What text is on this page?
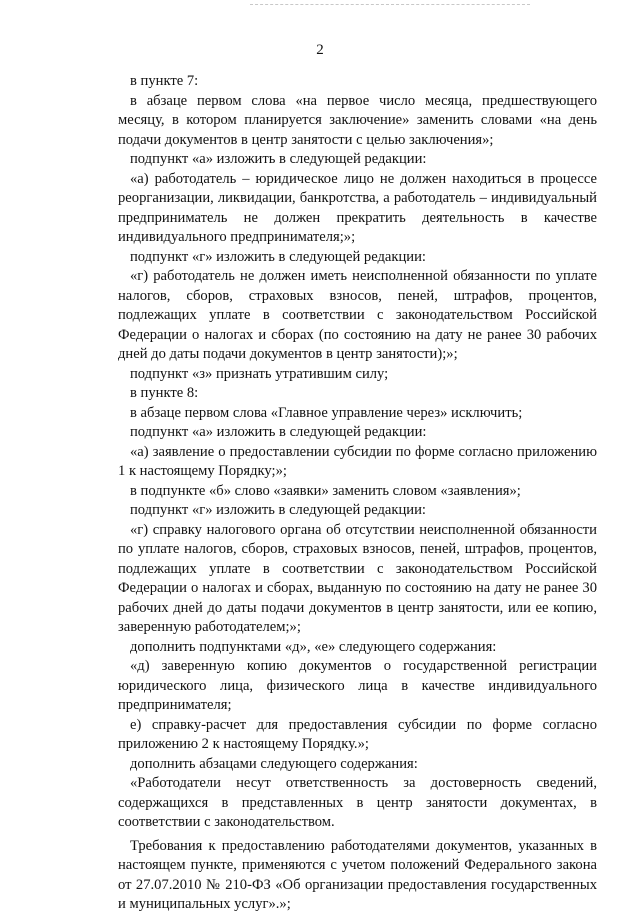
2

в пункте 7:

в абзаце первом слова «на первое число месяца, предшествующего месяцу, в котором планируется заключение» заменить словами «на день подачи документов в центр занятости с целью заключения»;

подпункт «а» изложить в следующей редакции:

«а) работодатель – юридическое лицо не должен находиться в процессе реорганизации, ликвидации, банкротства, а работодатель – индивидуальный предприниматель не должен прекратить деятельность в качестве индивидуального предпринимателя;»;

подпункт «г» изложить в следующей редакции:

«г) работодатель не должен иметь неисполненной обязанности по уплате налогов, сборов, страховых взносов, пеней, штрафов, процентов, подлежащих уплате в соответствии с законодательством Российской Федерации о налогах и сборах (по состоянию на дату не ранее 30 рабочих дней до даты подачи документов в центр занятости);»;

подпункт «з» признать утратившим силу;

в пункте 8:

в абзаце первом слова «Главное управление через» исключить;

подпункт «а» изложить в следующей редакции:

«а) заявление о предоставлении субсидии по форме согласно приложению 1 к настоящему Порядку;»;

в подпункте «б» слово «заявки» заменить словом «заявления»;

подпункт «г» изложить в следующей редакции:

«г) справку налогового органа об отсутствии неисполненной обязанности по уплате налогов, сборов, страховых взносов, пеней, штрафов, процентов, подлежащих уплате в соответствии с законодательством Российской Федерации о налогах и сборах, выданную по состоянию на дату не ранее 30 рабочих дней до даты подачи документов в центр занятости, или ее копию, заверенную работодателем;»;

дополнить подпунктами «д», «е» следующего содержания:

«д) заверенную копию документов о государственной регистрации юридического лица, физического лица в качестве индивидуального предпринимателя;

е) справку-расчет для предоставления субсидии по форме согласно приложению 2 к настоящему Порядку.»;

дополнить абзацами следующего содержания:

«Работодатели несут ответственность за достоверность сведений, содержащихся в представленных в центр занятости документах, в соответствии с законодательством.

Требования к предоставлению работодателями документов, указанных в настоящем пункте, применяются с учетом положений Федерального закона от 27.07.2010 № 210-ФЗ «Об организации предоставления государственных и муниципальных услуг».»;
